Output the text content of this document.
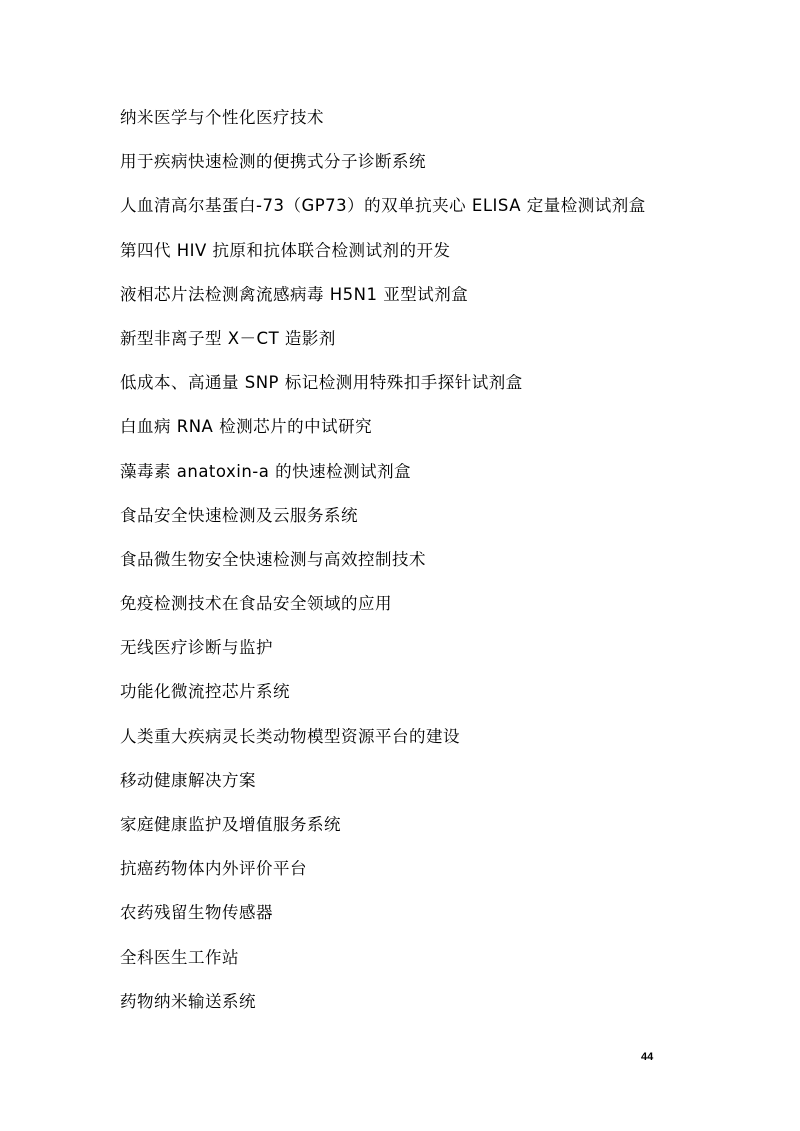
纳米医学与个性化医疗技术
用于疾病快速检测的便携式分子诊断系统
人血清高尔基蛋白-73（GP73）的双单抗夹心 ELISA 定量检测试剂盒
第四代 HIV 抗原和抗体联合检测试剂的开发
液相芯片法检测禽流感病毒 H5N1 亚型试剂盒
新型非离子型 X－CT 造影剂
低成本、高通量 SNP 标记检测用特殊扣手探针试剂盒
白血病 RNA 检测芯片的中试研究
藻毒素 anatoxin-a 的快速检测试剂盒
食品安全快速检测及云服务系统
食品微生物安全快速检测与高效控制技术
免疫检测技术在食品安全领域的应用
无线医疗诊断与监护
功能化微流控芯片系统
人类重大疾病灵长类动物模型资源平台的建设
移动健康解决方案
家庭健康监护及增值服务系统
抗癌药物体内外评价平台
农药残留生物传感器
全科医生工作站
药物纳米输送系统
44
